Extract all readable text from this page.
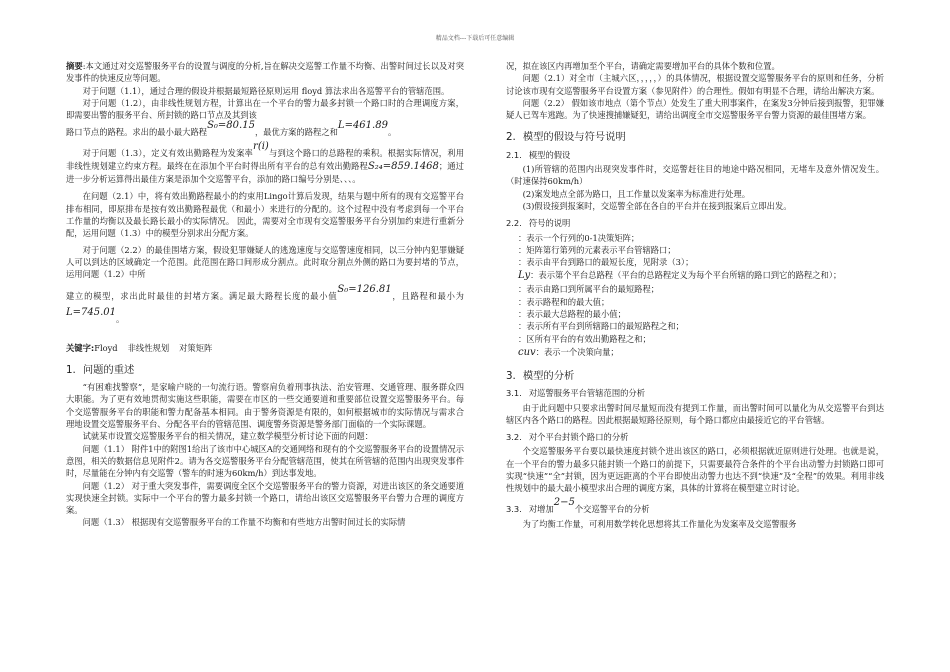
精品文档---下载后可任意编辑

摘要:本文通过对交巡警服务平台的设置与调度的分析,旨在解决交巡警工作量不均衡、出警时间过长以及对突发事件的快速反应等问题。

对于问题（1.1），通过合理的假设并根据最短路径原则运用 floyd 算法求出各巡警平台的管辖范围。

对于问题（1.2），由非线性规划方程，计算出在一个平台的警力最多封锁一个路口时的合理调度方案，即需要出警的服务平台、所封锁的路口节点及其到该

路口节点的路程。求出的最小最大路程S₀=80.15，最优方案的路程之和L=461.89。

对于问题（1.3），定义有效出勤路程为发案率r(i)与到这个路口的总路程的乘积。根据实际情况，利用非线性规划建立约束方程。最终在在添加个平台时得出所有平台的总有效出勤路程S₂₄=859.1468；通过进一步分析运算得出最佳方案是添加个交巡警平台，添加的路口编号分别是、、、。

在问题（2.1）中，将有效出勤路程最小的约束用Lingo计算后发现，结果与题中所有的现有交巡警平台排布相同，即原排布是按有效出勤路程最优（和最小）来进行的分配的。这个过程中没有考虑到每一个平台工作量的均衡以及最长路长最小的实际情况。 因此，需要对全市现有交巡警服务平台分别加约束进行重新分配，运用问题（1.3）中的模型分别求出分配方案。

对于问题（2.2）的最佳围堵方案，假设犯罪嫌疑人的逃逸速度与交巡警速度相同，以三分钟内犯罪嫌疑人可以到达的区域确定一个范围。此范围在路口间形成分割点。此时取分割点外侧的路口为要封堵的节点，运用问题（1.2）中所

建立的模型，求出此时最佳的封堵方案。满足最大路程长度的最小值S₀=126.81，且路程和最小为L=745.01。

关键字:Floyd 非线性规划 对策矩阵

1. 问题的重述

“有困难找警察”，是家喻户晓的一句流行语。警察肩负着刑事执法、治安管理、交通管理、服务群众四大职能。为了更有效地贯彻实施这些职能，需要在市区的一些交通要道和重要部位设置交巡警服务平台。每个交巡警服务平台的职能和警力配备基本相同。由于警务资源是有限的，如何根据城市的实际情况与需求合理地设置交巡警服务平台、分配各平台的管辖范围、调度警务资源是警务部门面临的一个实际课题。

试就某市设置交巡警服务平台的相关情况，建立数学模型分析讨论下面的问题：

问题（1.1） 附件1中的附图1给出了该市中心城区A的交通网络和现有的个交巡警服务平台的设置情况示意图，相关的数据信息见附件2。请为各交巡警服务平台分配管辖范围，使其在所管辖的范围内出现突发事件时，尽量能在分钟内有交巡警（警车的时速为60km/h）到达事发地。

问题（1.2） 对于重大突发事件，需要调度全区个交巡警服务平台的警力资源，对进出该区的条交通要道实现快速全封锁。实际中一个平台的警力最多封锁一个路口，请给出该区交巡警服务平台警力合理的调度方案。

问题（1.3） 根据现有交巡警服务平台的工作量不均衡和有些地方出警时间过长的实际情

况，拟在该区内再增加至个平台，请确定需要增加平台的具体个数和位置。

问题（2.1）对全市（主城六区，，，，，）的具体情况，根据设置交巡警服务平台的原则和任务，分析讨论该市现有交巡警服务平台设置方案（参见附件）的合理性。假如有明显不合理，请给出解决方案。

问题（2.2） 假如该市地点（第个节点）处发生了重大刑事案件，在案发3分钟后接到报警，犯罪嫌疑人已驾车逃跑。为了快速搜捕嫌疑犯，请给出调度全市交巡警服务平台警力资源的最佳围堵方案。

2. 模型的假设与符号说明

2.1. 模型的假设

(1)所管辖的范围内出现突发事件时，交巡警赶往目的地途中路况相同，无堵车及意外情况发生。（时速保持60km/h）

(2)案发地点全部为路口，且工作量以发案率为标准进行处理。

(3)假设接到报案时，交巡警全部在各自的平台并在接到报案后立即出发。

2.2. 符号的说明

：表示一个行列的0-1决策矩阵；

：矩阵第行第列的元素表示平台管辖路口；

：表示由平台到路口的最短长度，见附录（3）；

Ly：表示第个平台总路程（平台的总路程定义为每个平台所辖的路口到它的路程之和）；

：表示由路口到所属平台的最短路程；

：表示路程和的最大值；

：表示最大总路程的最小值；

：表示所有平台到所辖路口的最短路程之和；

：区所有平台的有效出勤路程之和；

cuv：表示一个决策向量；

3. 模型的分析

3.1. 对巡警服务平台管辖范围的分析

由于此问题中只要求出警时间尽量短而没有提到工作量，而出警时间可以量化为从交巡警平台到达辖区内各个路口的路程。因此根据最短路径原则，每个路口都应由最接近它的平台管辖。

3.2. 对个平台封锁个路口的分析

个交巡警服务平台要以最快速度封锁个进出该区的路口，必须根据就近原则进行处理。也就是说，在一个平台的警力最多只能封锁一个路口的前提下，只需要最符合条件的个平台出动警力封锁路口即可实现“快速”“全”封锁，因为更远距离的个平台即使出动警力也达不到“快速”及“全程”的效果。利用非线性规划中的最大最小模型求出合理的调度方案，具体的计算将在模型建立时讨论。

3.3. 对增加2−5个交巡警平台的分析

为了均衡工作量，可利用数学转化思想将其工作量化为发案率及交巡警服务
